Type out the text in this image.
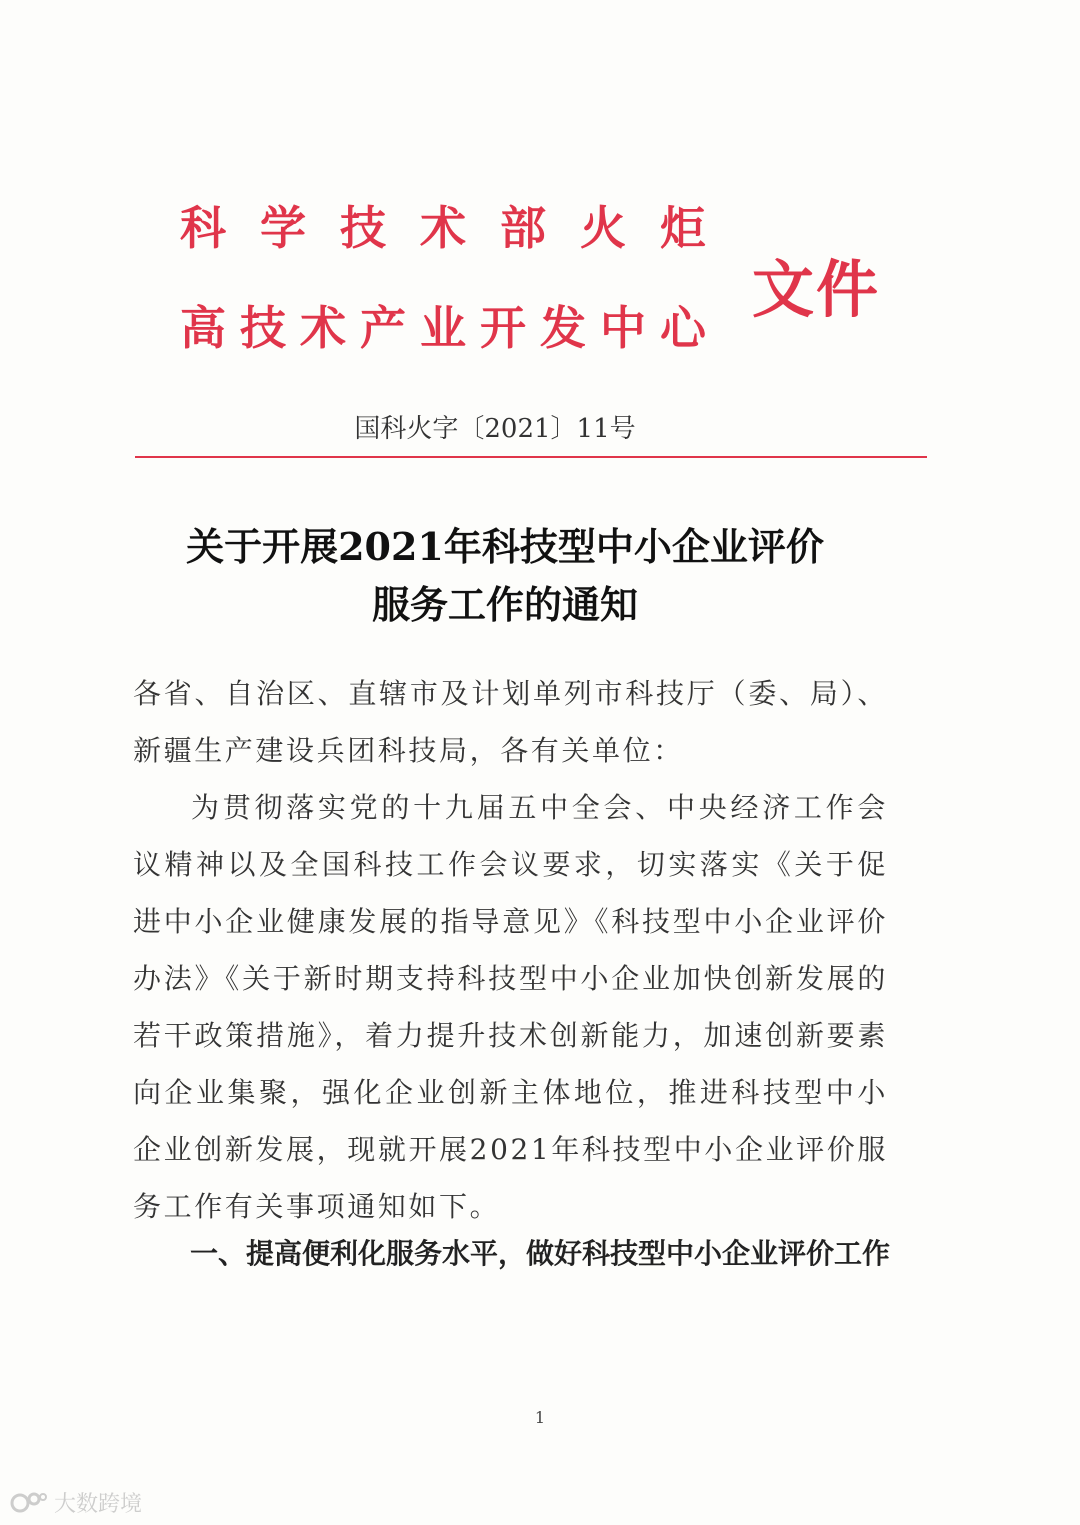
科学技术部火炬
高技术产业开发中心
文件
国科火字〔2021〕11号
关于开展2021年科技型中小企业评价
服务工作的通知

各省、自治区、直辖市及计划单列市科技厅（委、局）、新疆生产建设兵团科技局，各有关单位：

为贯彻落实党的十九届五中全会、中央经济工作会议精神以及全国科技工作会议要求，切实落实《关于促进中小企业健康发展的指导意见》《科技型中小企业评价办法》《关于新时期支持科技型中小企业加快创新发展的若干政策措施》，着力提升技术创新能力，加速创新要素向企业集聚，强化企业创新主体地位，推进科技型中小企业创新发展，现就开展2021年科技型中小企业评价服务工作有关事项通知如下。

一、提高便利化服务水平，做好科技型中小企业评价工作
1
大数跨境
